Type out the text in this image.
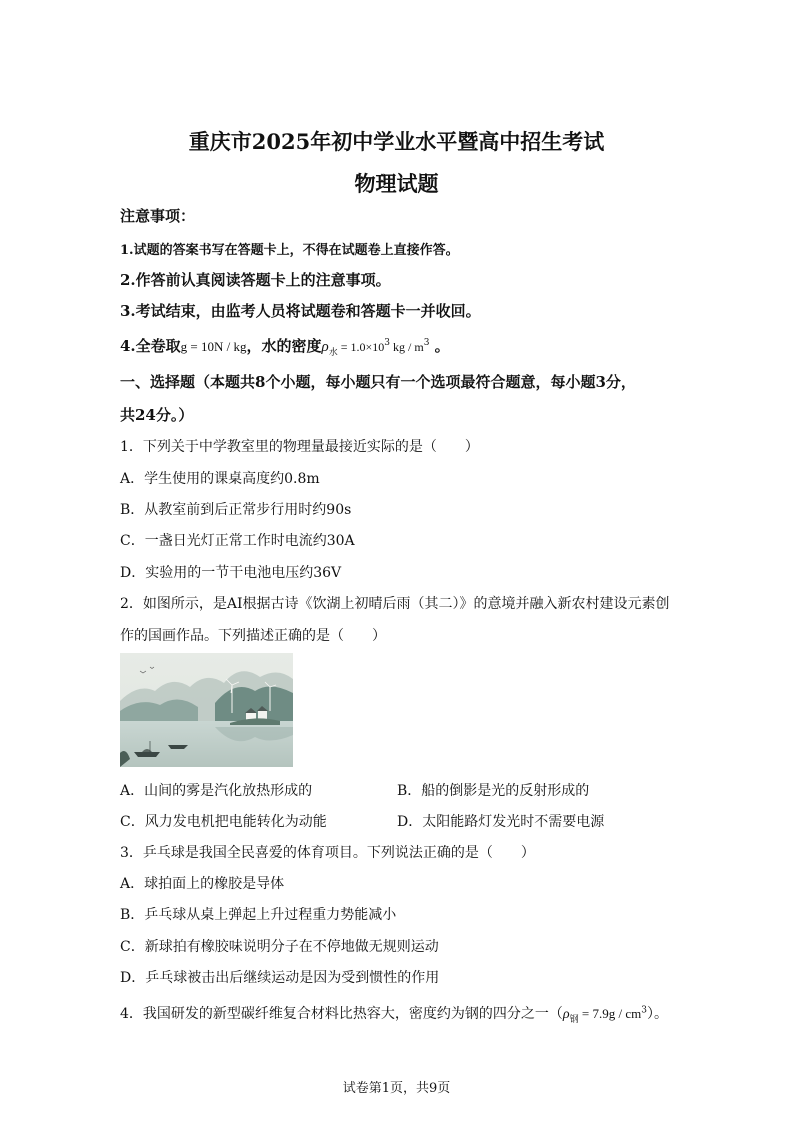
重庆市2025年初中学业水平暨高中招生考试
物理试题
注意事项：
1.试题的答案书写在答题卡上，不得在试题卷上直接作答。
2.作答前认真阅读答题卡上的注意事项。
3.考试结束，由监考人员将试题卷和答题卡一并收回。
4.全卷取g = 10N / kg，水的密度$\rho_水 = 1.0\times 10^3$ kg / $m^3$ 。
一、选择题（本题共8个小题，每小题只有一个选项最符合题意，每小题3分，
共24分。）
1．下列关于中学教室里的物理量最接近实际的是（　　）
A．学生使用的课桌高度约0.8m
B．从教室前到后正常步行用时约90s
C．一盏日光灯正常工作时电流约30A
D．实验用的一节干电池电压约36V
2．如图所示，是AI根据古诗《饮湖上初晴后雨（其二）》的意境并融入新农村建设元素创
作的国画作品。下列描述正确的是（　　）
A．山间的雾是汽化放热形成的	B．船的倒影是光的反射形成的
C．风力发电机把电能转化为动能	D．太阳能路灯发光时不需要电源
3．乒乓球是我国全民喜爱的体育项目。下列说法正确的是（　　）
A．球拍面上的橡胶是导体
B．乒乓球从桌上弹起上升过程重力势能减小
C．新球拍有橡胶味说明分子在不停地做无规则运动
D．乒乓球被击出后继续运动是因为受到惯性的作用
4．我国研发的新型碳纤维复合材料比热容大，密度约为钢的四分之一$(\rho_钢 = 7.9g / cm^3)$。
试卷第1页，共9页
